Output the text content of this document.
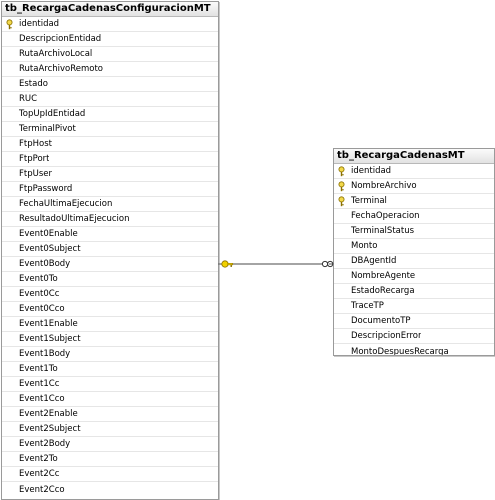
tb_RecargaCadenasConfiguracionMT
identidad
DescripcionEntidad
RutaArchivoLocal
RutaArchivoRemoto
Estado
RUC
TopUpIdEntidad
TerminalPivot
FtpHost
FtpPort
FtpUser
FtpPassword
FechaUltimaEjecucion
ResultadoUltimaEjecucion
Event0Enable
Event0Subject
Event0Body
Event0To
Event0Cc
Event0Cco
Event1Enable
Event1Subject
Event1Body
Event1To
Event1Cc
Event1Cco
Event2Enable
Event2Subject
Event2Body
Event2To
Event2Cc
Event2Cco
tb_RecargaCadenasMT
identidad
NombreArchivo
Terminal
FechaOperacion
TerminalStatus
Monto
DBAgentId
NombreAgente
EstadoRecarga
TraceTP
DocumentoTP
DescripcionError
MontoDespuesRecarga
